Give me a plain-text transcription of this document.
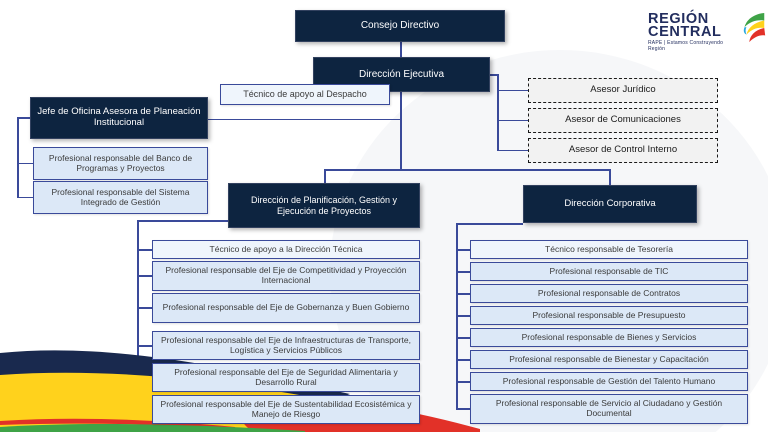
Consejo Directivo
Dirección Ejecutiva
Técnico de apoyo al Despacho
Jefe de Oficina Asesora de Planeación Institucional
Profesional responsable del Banco de Programas y Proyectos
Profesional responsable del Sistema Integrado de Gestión
Asesor Jurídico
Asesor de Comunicaciones
Asesor de Control Interno
Dirección de Planificación, Gestión y Ejecución de Proyectos
Dirección Corporativa
Técnico de apoyo a la Dirección Técnica
Profesional responsable del Eje de Competitividad y Proyección Internacional
Profesional responsable del Eje de Gobernanza y Buen Gobierno
Profesional responsable del Eje de Infraestructuras de Transporte, Logística y Servicios Públicos
Profesional responsable del Eje de Seguridad Alimentaria y Desarrollo Rural
Profesional responsable del Eje de Sustentabilidad Ecosistémica y Manejo de Riesgo
Técnico responsable de Tesorería
Profesional responsable de TIC
Profesional responsable de Contratos
Profesional responsable de Presupuesto
Profesional responsable de Bienes y Servicios
Profesional responsable de Bienestar y Capacitación
Profesional responsable de Gestión del Talento Humano
Profesional responsable de Servicio al Ciudadano y Gestión Documental
REGIÓN
CENTRAL
RAPE | Estamos Construyendo Región
